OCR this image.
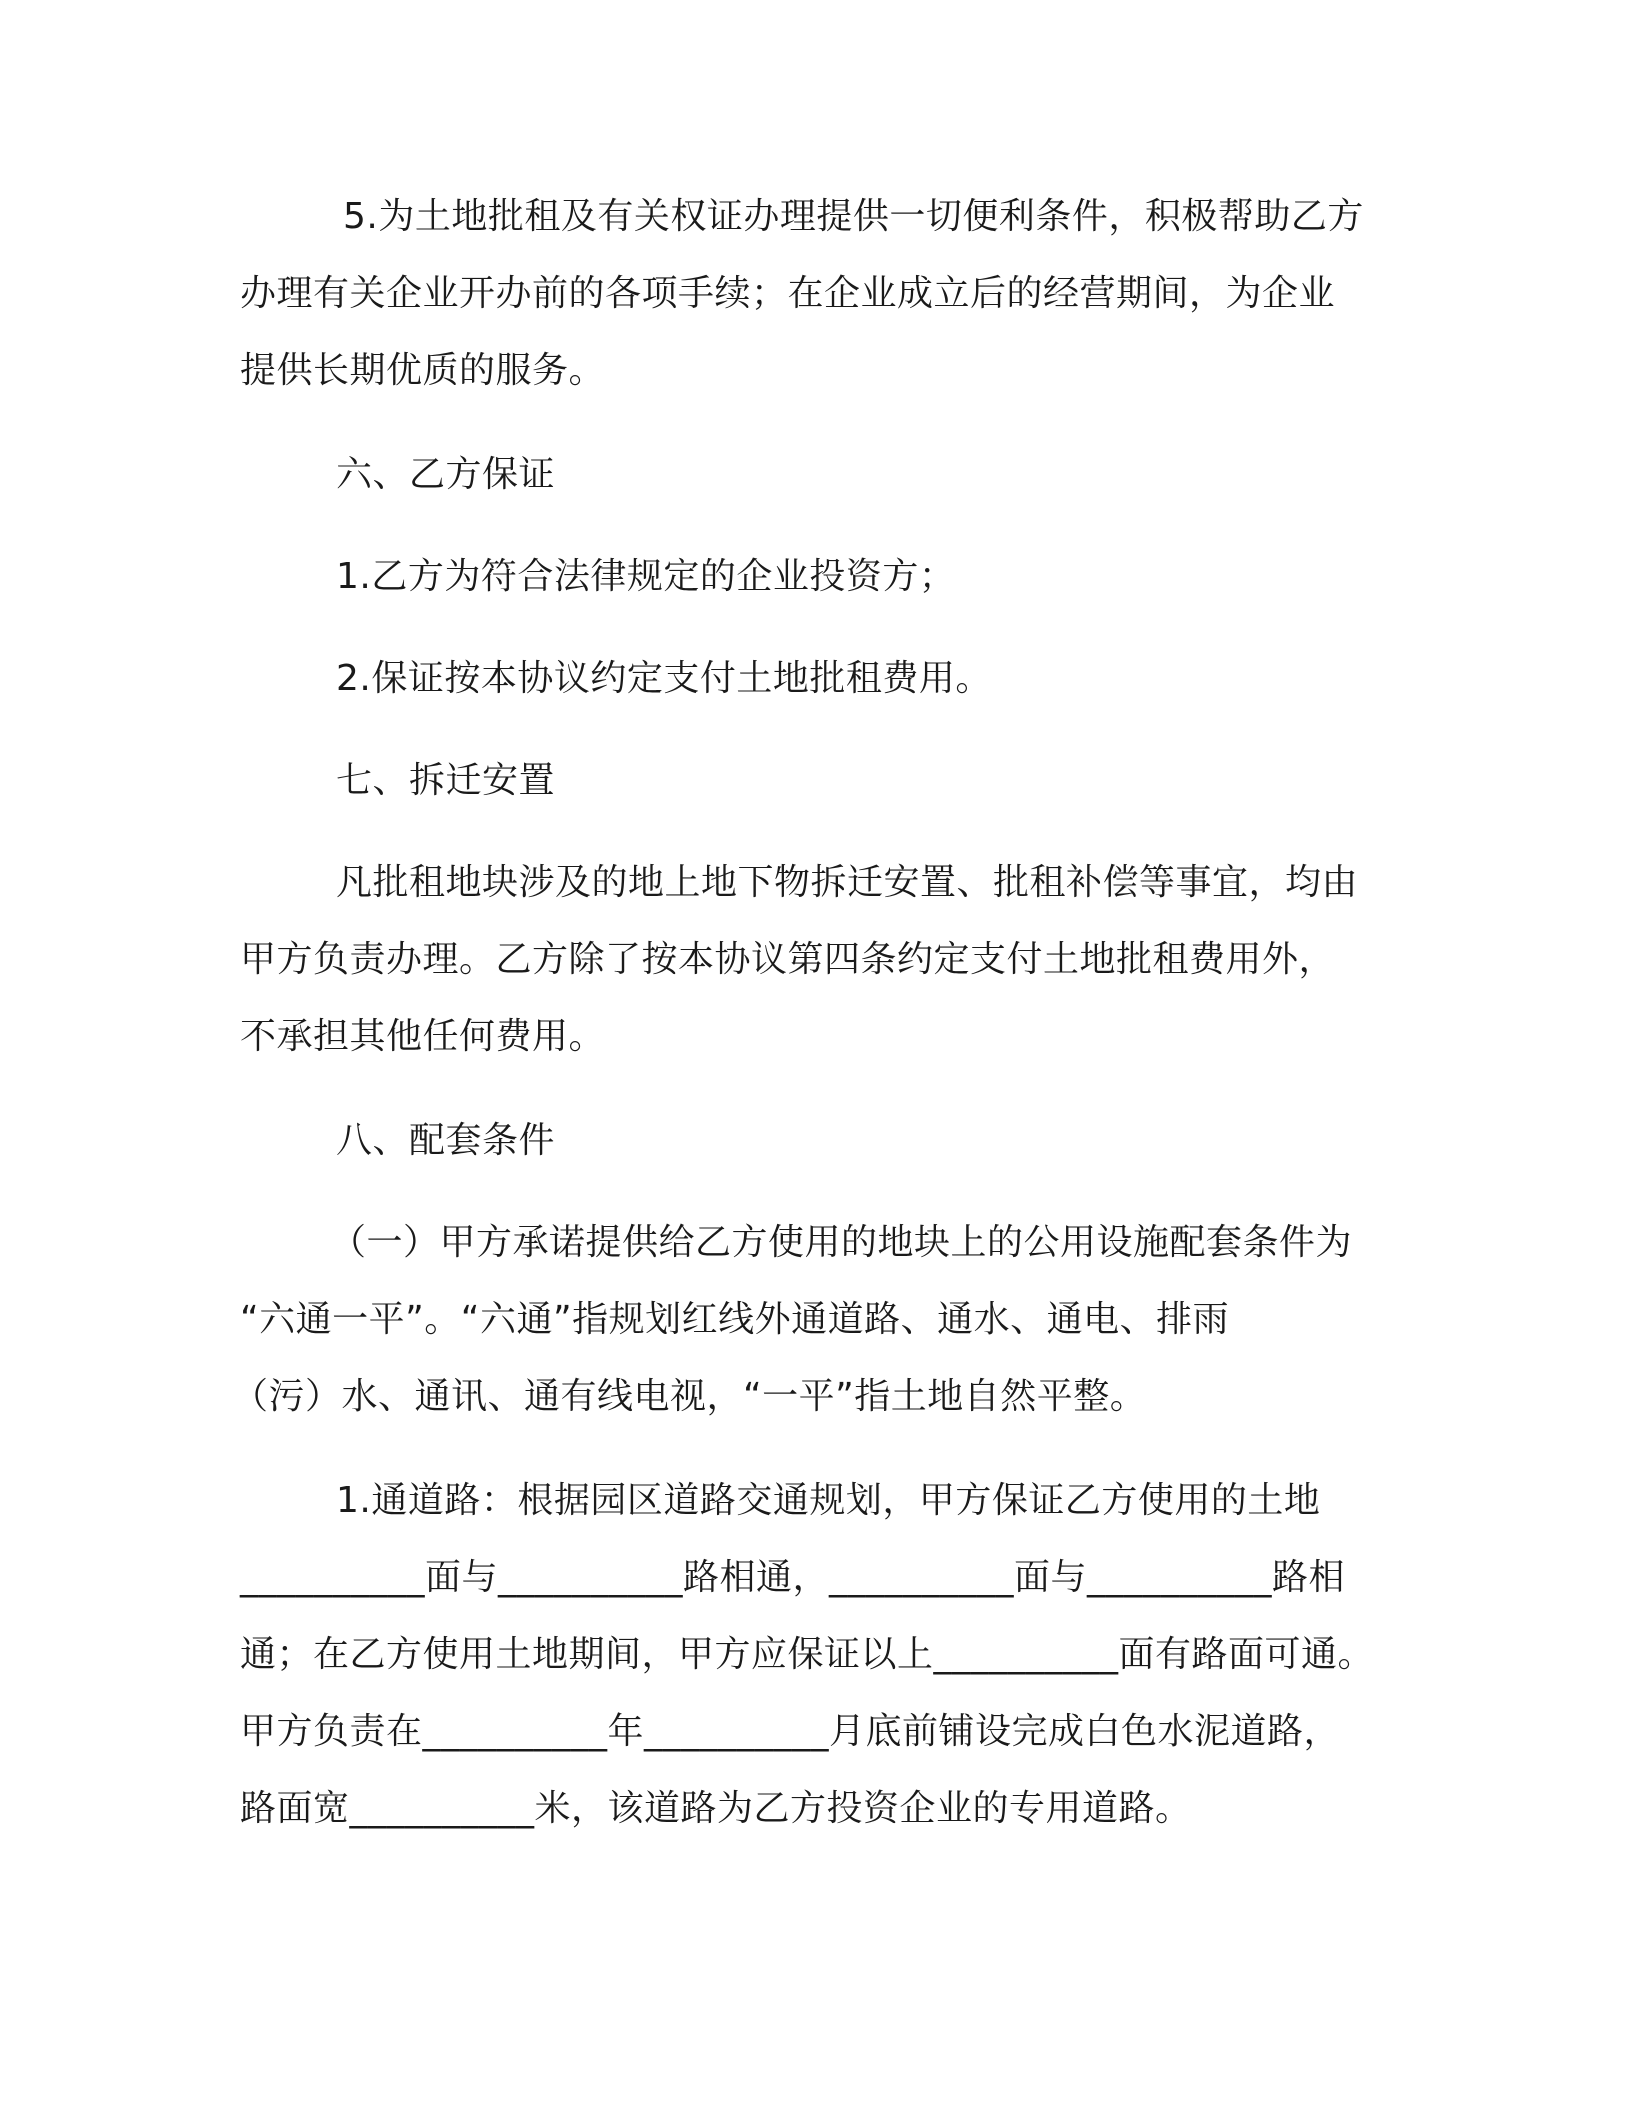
5.为土地批租及有关权证办理提供一切便利条件，积极帮助乙方
办理有关企业开办前的各项手续；在企业成立后的经营期间，为企业
提供长期优质的服务。
六、乙方保证
1.乙方为符合法律规定的企业投资方；
2.保证按本协议约定支付土地批租费用。
七、拆迁安置
凡批租地块涉及的地上地下物拆迁安置、批租补偿等事宜，均由
甲方负责办理。乙方除了按本协议第四条约定支付土地批租费用外，
不承担其他任何费用。
八、配套条件
（一）甲方承诺提供给乙方使用的地块上的公用设施配套条件为
“六通一平”。“六通”指规划红线外通道路、通水、通电、排雨
（污）水、通讯、通有线电视，“一平”指土地自然平整。
1.通道路：根据园区道路交通规划，甲方保证乙方使用的土地
__________面与__________路相通，__________面与__________路相
通；在乙方使用土地期间，甲方应保证以上__________面有路面可通。
甲方负责在__________年__________月底前铺设完成白色水泥道路，
路面宽__________米，该道路为乙方投资企业的专用道路。
